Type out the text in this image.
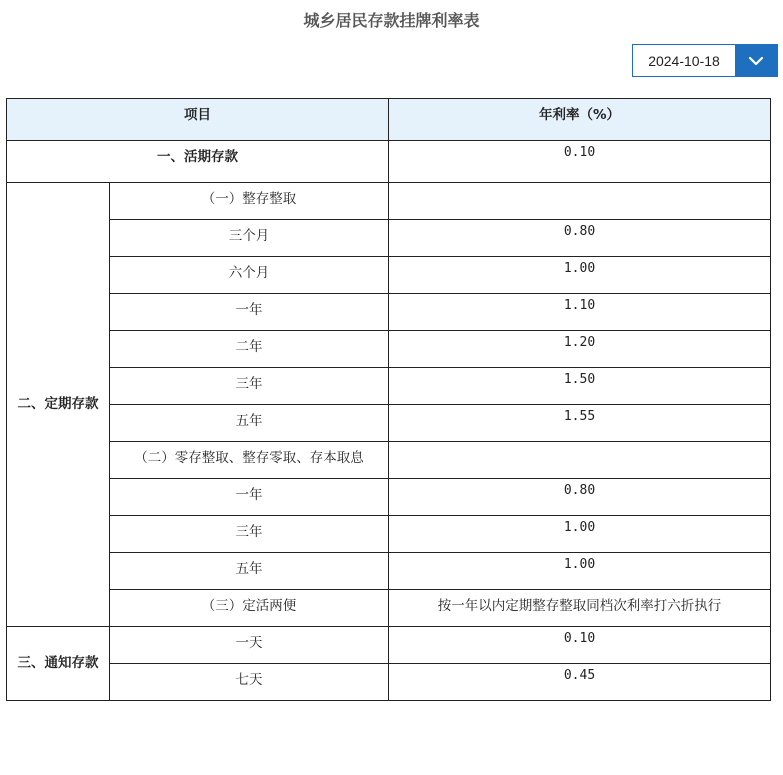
城乡居民存款挂牌利率表
2024-10-18
项目		年利率（%）
一、活期存款		0.10
二、定期存款	（一）整存整取	
	三个月	0.80
	六个月	1.00
	一年	1.10
	二年	1.20
	三年	1.50
	五年	1.55
	（二）零存整取、整存零取、存本取息	
	一年	0.80
	三年	1.00
	五年	1.00
	（三）定活两便	按一年以内定期整存整取同档次利率打六折执行
三、通知存款	一天	0.10
	七天	0.45
